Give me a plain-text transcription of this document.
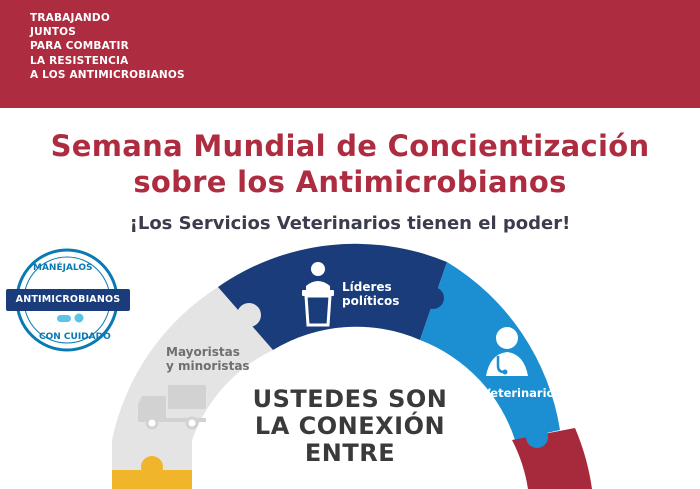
TRABAJANDO
JUNTOS
PARA COMBATIR
LA RESISTENCIA
A LOS ANTIMICROBIANOS
Semana Mundial de Concientización
sobre los Antimicrobianos
¡Los Servicios Veterinarios tienen el poder!
MANÉJALOS
ANTIMICROBIANOS
CON CUIDADO
Líderes
políticos
Mayoristas
y minoristas
Veterinarios
USTEDES SON
LA CONEXIÓN
ENTRE
